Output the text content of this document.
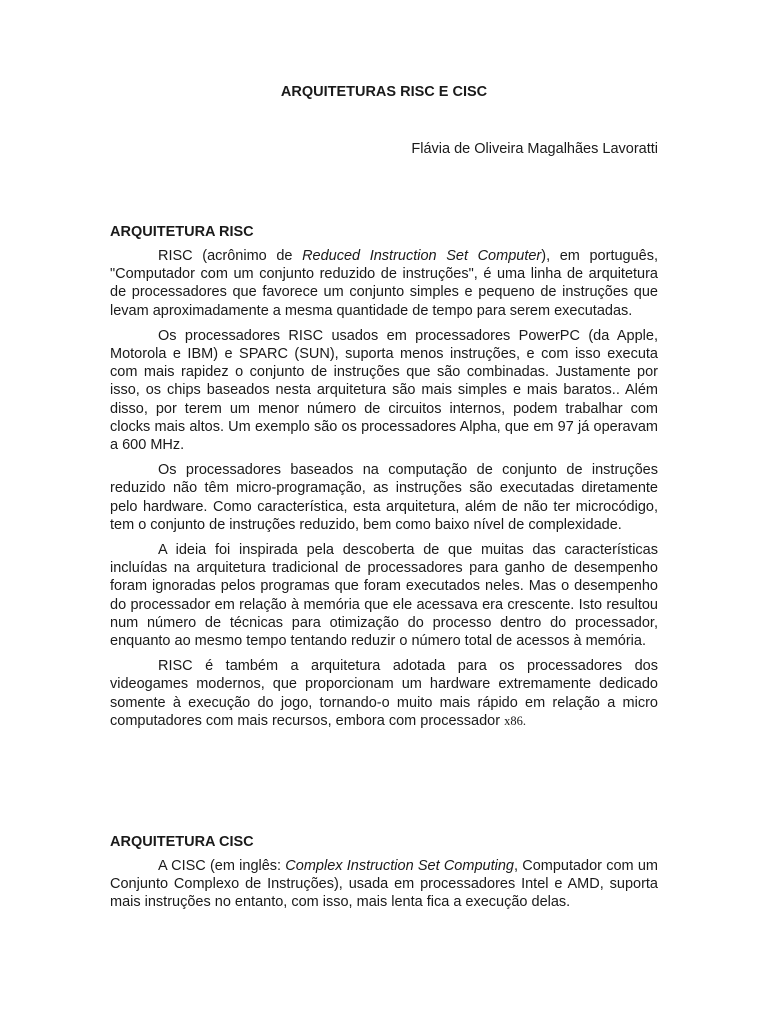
ARQUITETURAS RISC E CISC
Flávia de Oliveira Magalhães Lavoratti
ARQUITETURA RISC

RISC (acrônimo de Reduced Instruction Set Computer), em português, "Computador com um conjunto reduzido de instruções", é uma linha de arquitetura de processadores que favorece um conjunto simples e pequeno de instruções que levam aproximadamente a mesma quantidade de tempo para serem executadas.

Os processadores RISC usados em processadores PowerPC (da Apple, Motorola e IBM) e SPARC (SUN), suporta menos instruções, e com isso executa com mais rapidez o conjunto de instruções que são combinadas. Justamente por isso, os chips baseados nesta arquitetura são mais simples e mais baratos.. Além disso, por terem um menor número de circuitos internos, podem trabalhar com clocks mais altos. Um exemplo são os processadores Alpha, que em 97 já operavam a 600 MHz.

Os processadores baseados na computação de conjunto de instruções reduzido não têm micro-programação, as instruções são executadas diretamente pelo hardware. Como característica, esta arquitetura, além de não ter microcódigo, tem o conjunto de instruções reduzido, bem como baixo nível de complexidade.

A ideia foi inspirada pela descoberta de que muitas das características incluídas na arquitetura tradicional de processadores para ganho de desempenho foram ignoradas pelos programas que foram executados neles. Mas o desempenho do processador em relação à memória que ele acessava era crescente. Isto resultou num número de técnicas para otimização do processo dentro do processador, enquanto ao mesmo tempo tentando reduzir o número total de acessos à memória.

RISC é também a arquitetura adotada para os processadores dos videogames modernos, que proporcionam um hardware extremamente dedicado somente à execução do jogo, tornando-o muito mais rápido em relação a micro computadores com mais recursos, embora com processador x86.

ARQUITETURA CISC

A CISC (em inglês: Complex Instruction Set Computing, Computador com um Conjunto Complexo de Instruções), usada em processadores Intel e AMD, suporta mais instruções no entanto, com isso, mais lenta fica a execução delas.
